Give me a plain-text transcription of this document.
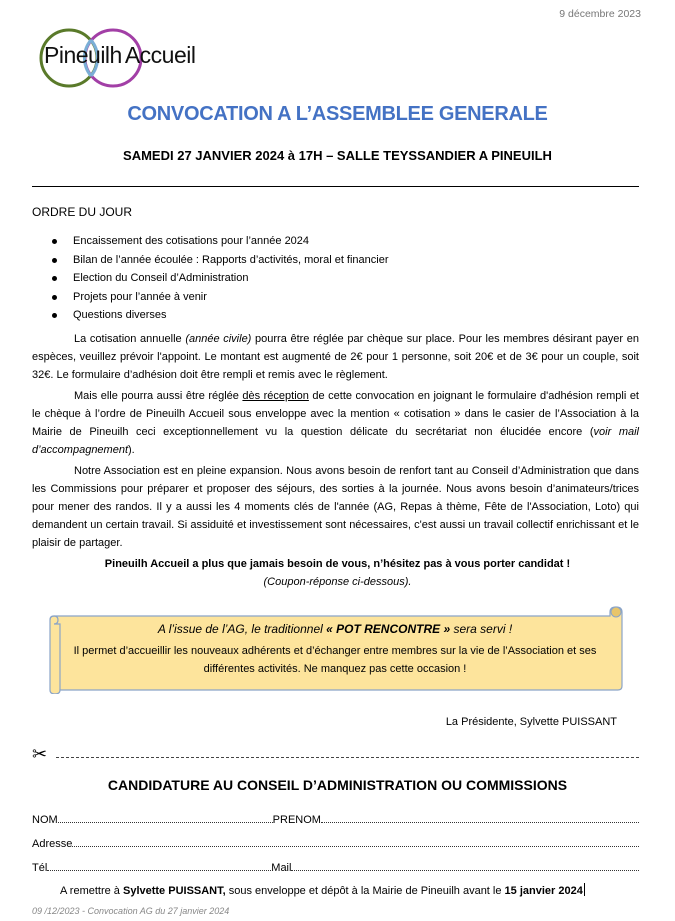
9 décembre 2023
Pineuilh Accueil
CONVOCATION A L’ASSEMBLEE GENERALE
SAMEDI 27 JANVIER 2024 à 17H – SALLE TEYSSANDIER A PINEUILH
ORDRE DU JOUR
Encaissement des cotisations pour l’année 2024
Bilan de l’année écoulée : Rapports d’activités, moral et financier
Election du Conseil d’Administration
Projets pour l’année à venir
Questions diverses
La cotisation annuelle (année civile) pourra être réglée par chèque sur place. Pour les membres désirant payer en espèces, veuillez prévoir l'appoint. Le montant est augmenté de 2€ pour 1 personne, soit 20€ et de 3€ pour un couple, soit 32€. Le formulaire d’adhésion doit être rempli et remis avec le règlement.
Mais elle pourra aussi être réglée dès réception de cette convocation en joignant le formulaire d'adhésion rempli et le chèque à l’ordre de Pineuilh Accueil sous enveloppe avec la mention « cotisation » dans le casier de l’Association à la Mairie de Pineuilh ceci exceptionnellement vu la question délicate du secrétariat non élucidée encore (voir mail d’accompagnement).
Notre Association est en pleine expansion. Nous avons besoin de renfort tant au Conseil d’Administration que dans les Commissions pour préparer et proposer des séjours, des sorties à la journée. Nous avons besoin d’animateurs/trices pour mener des randos. Il y a aussi les 4 moments clés de l'année (AG, Repas à thème, Fête de l'Association, Loto) qui demandent un certain travail. Si assiduité et investissement sont nécessaires, c'est aussi un travail collectif enrichissant et le plaisir de partager.
Pineuilh Accueil a plus que jamais besoin de vous, n’hésitez pas à vous porter candidat !
(Coupon-réponse ci-dessous).
A l’issue de l’AG, le traditionnel « POT RENCONTRE » sera servi !
Il permet d’accueillir les nouveaux adhérents et d’échanger entre membres sur la vie de l’Association et ses différentes activités. Ne manquez pas cette occasion !
La Présidente, Sylvette PUISSANT
✂
CANDIDATURE AU CONSEIL D’ADMINISTRATION OU COMMISSIONS
NOM	PRENOM
Adresse
Tél	Mail
A remettre à Sylvette PUISSANT, sous enveloppe et dépôt à la Mairie de Pineuilh avant le 15 janvier 2024
09 /12/2023 - Convocation AG du 27 janvier 2024
